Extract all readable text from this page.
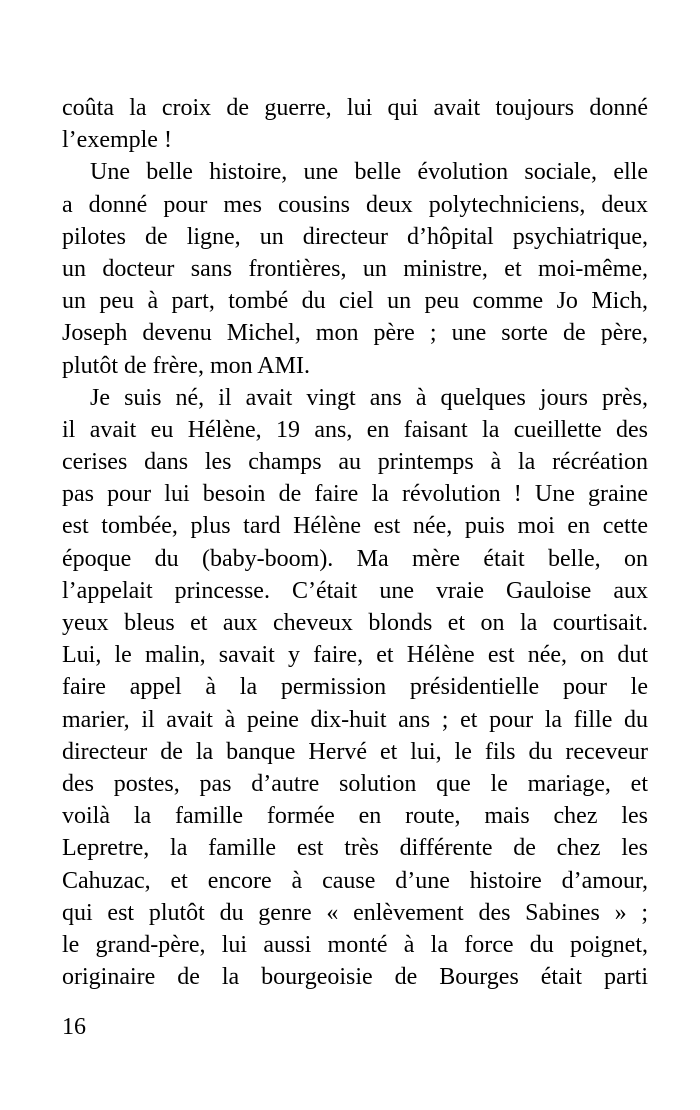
coûta la croix de guerre, lui qui avait toujours donné
l’exemple !
Une belle histoire, une belle évolution sociale, elle
a donné pour mes cousins deux polytechniciens, deux
pilotes de ligne, un directeur d’hôpital psychiatrique,
un docteur sans frontières, un ministre, et moi-même,
un peu à part, tombé du ciel un peu comme Jo Mich,
Joseph devenu Michel, mon père ; une sorte de père,
plutôt de frère, mon AMI.
Je suis né, il avait vingt ans à quelques jours près,
il avait eu Hélène, 19 ans, en faisant la cueillette des
cerises dans les champs au printemps à la récréation
pas pour lui besoin de faire la révolution ! Une graine
est tombée, plus tard Hélène est née, puis moi en cette
époque du (baby-boom). Ma mère était belle, on
l’appelait princesse. C’était une vraie Gauloise aux
yeux bleus et aux cheveux blonds et on la courtisait.
Lui, le malin, savait y faire, et Hélène est née, on dut
faire appel à la permission présidentielle pour le
marier, il avait à peine dix-huit ans ; et pour la fille du
directeur de la banque Hervé et lui, le fils du receveur
des postes, pas d’autre solution que le mariage, et
voilà la famille formée en route, mais chez les
Lepretre, la famille est très différente de chez les
Cahuzac, et encore à cause d’une histoire d’amour,
qui est plutôt du genre « enlèvement des Sabines » ;
le grand-père, lui aussi monté à la force du poignet,
originaire de la bourgeoisie de Bourges était parti
16
